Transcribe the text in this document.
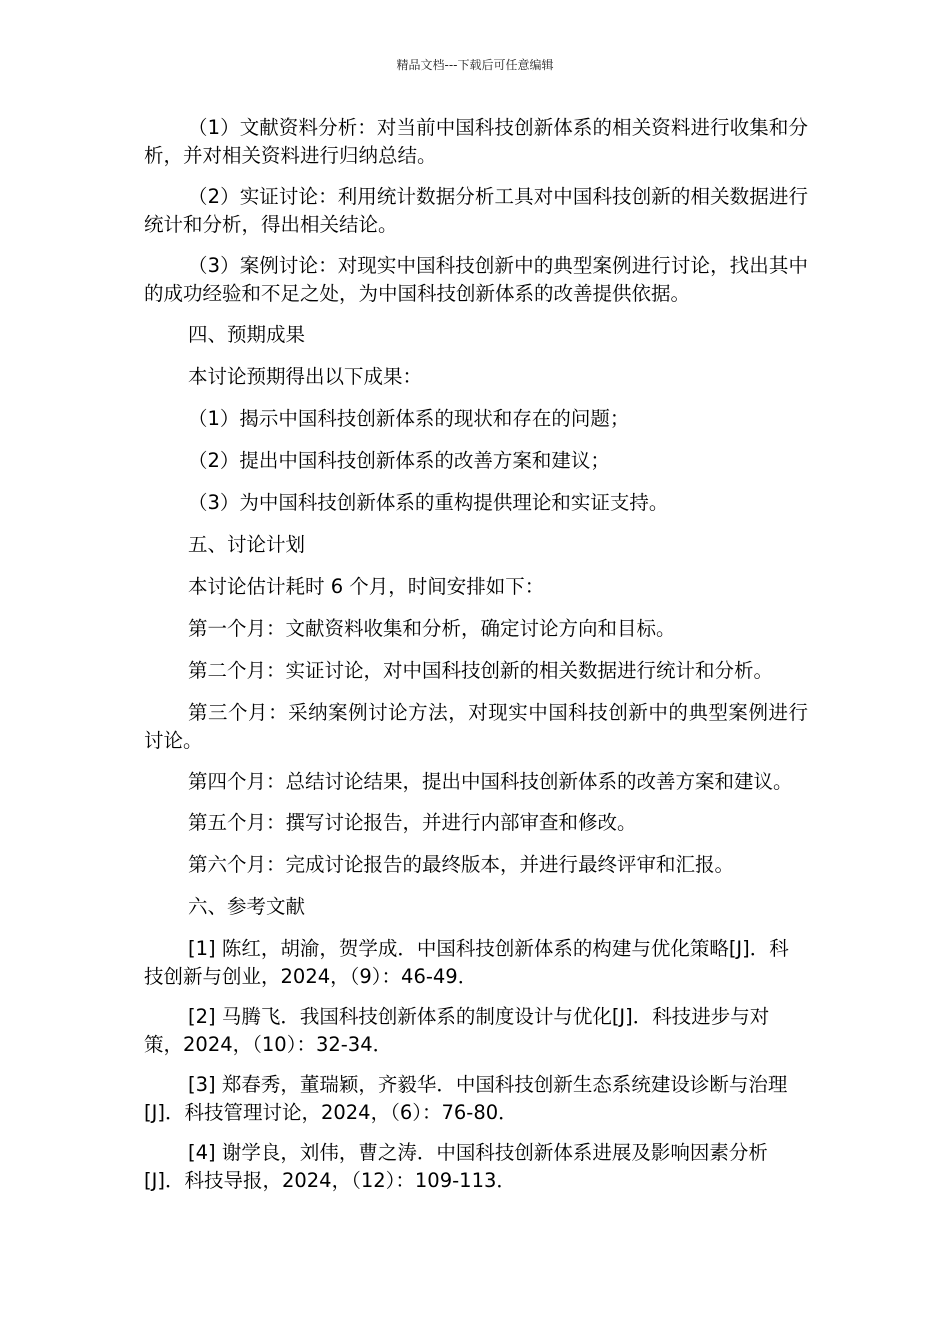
精品文档---下载后可任意编辑

（1）文献资料分析：对当前中国科技创新体系的相关资料进行收集和分析，并对相关资料进行归纳总结。

（2）实证讨论：利用统计数据分析工具对中国科技创新的相关数据进行统计和分析，得出相关结论。

（3）案例讨论：对现实中国科技创新中的典型案例进行讨论，找出其中的成功经验和不足之处，为中国科技创新体系的改善提供依据。

四、预期成果

本讨论预期得出以下成果：

（1）揭示中国科技创新体系的现状和存在的问题；

（2）提出中国科技创新体系的改善方案和建议；

（3）为中国科技创新体系的重构提供理论和实证支持。

五、讨论计划

本讨论估计耗时 6 个月，时间安排如下：

第一个月：文献资料收集和分析，确定讨论方向和目标。

第二个月：实证讨论，对中国科技创新的相关数据进行统计和分析。

第三个月：采纳案例讨论方法，对现实中国科技创新中的典型案例进行讨论。

第四个月：总结讨论结果，提出中国科技创新体系的改善方案和建议。

第五个月：撰写讨论报告，并进行内部审查和修改。

第六个月：完成讨论报告的最终版本，并进行最终评审和汇报。

六、参考文献

[1] 陈红，胡渝，贺学成．中国科技创新体系的构建与优化策略[J]．科技创新与创业，2024，（9）：46-49．

[2] 马腾飞．我国科技创新体系的制度设计与优化[J]．科技进步与对策，2024，（10）：32-34．

[3] 郑春秀，董瑞颖，齐毅华．中国科技创新生态系统建设诊断与治理[J]．科技管理讨论，2024，（6）：76-80．

[4] 谢学良，刘伟，曹之涛．中国科技创新体系进展及影响因素分析[J]．科技导报，2024，（12）：109-113．
